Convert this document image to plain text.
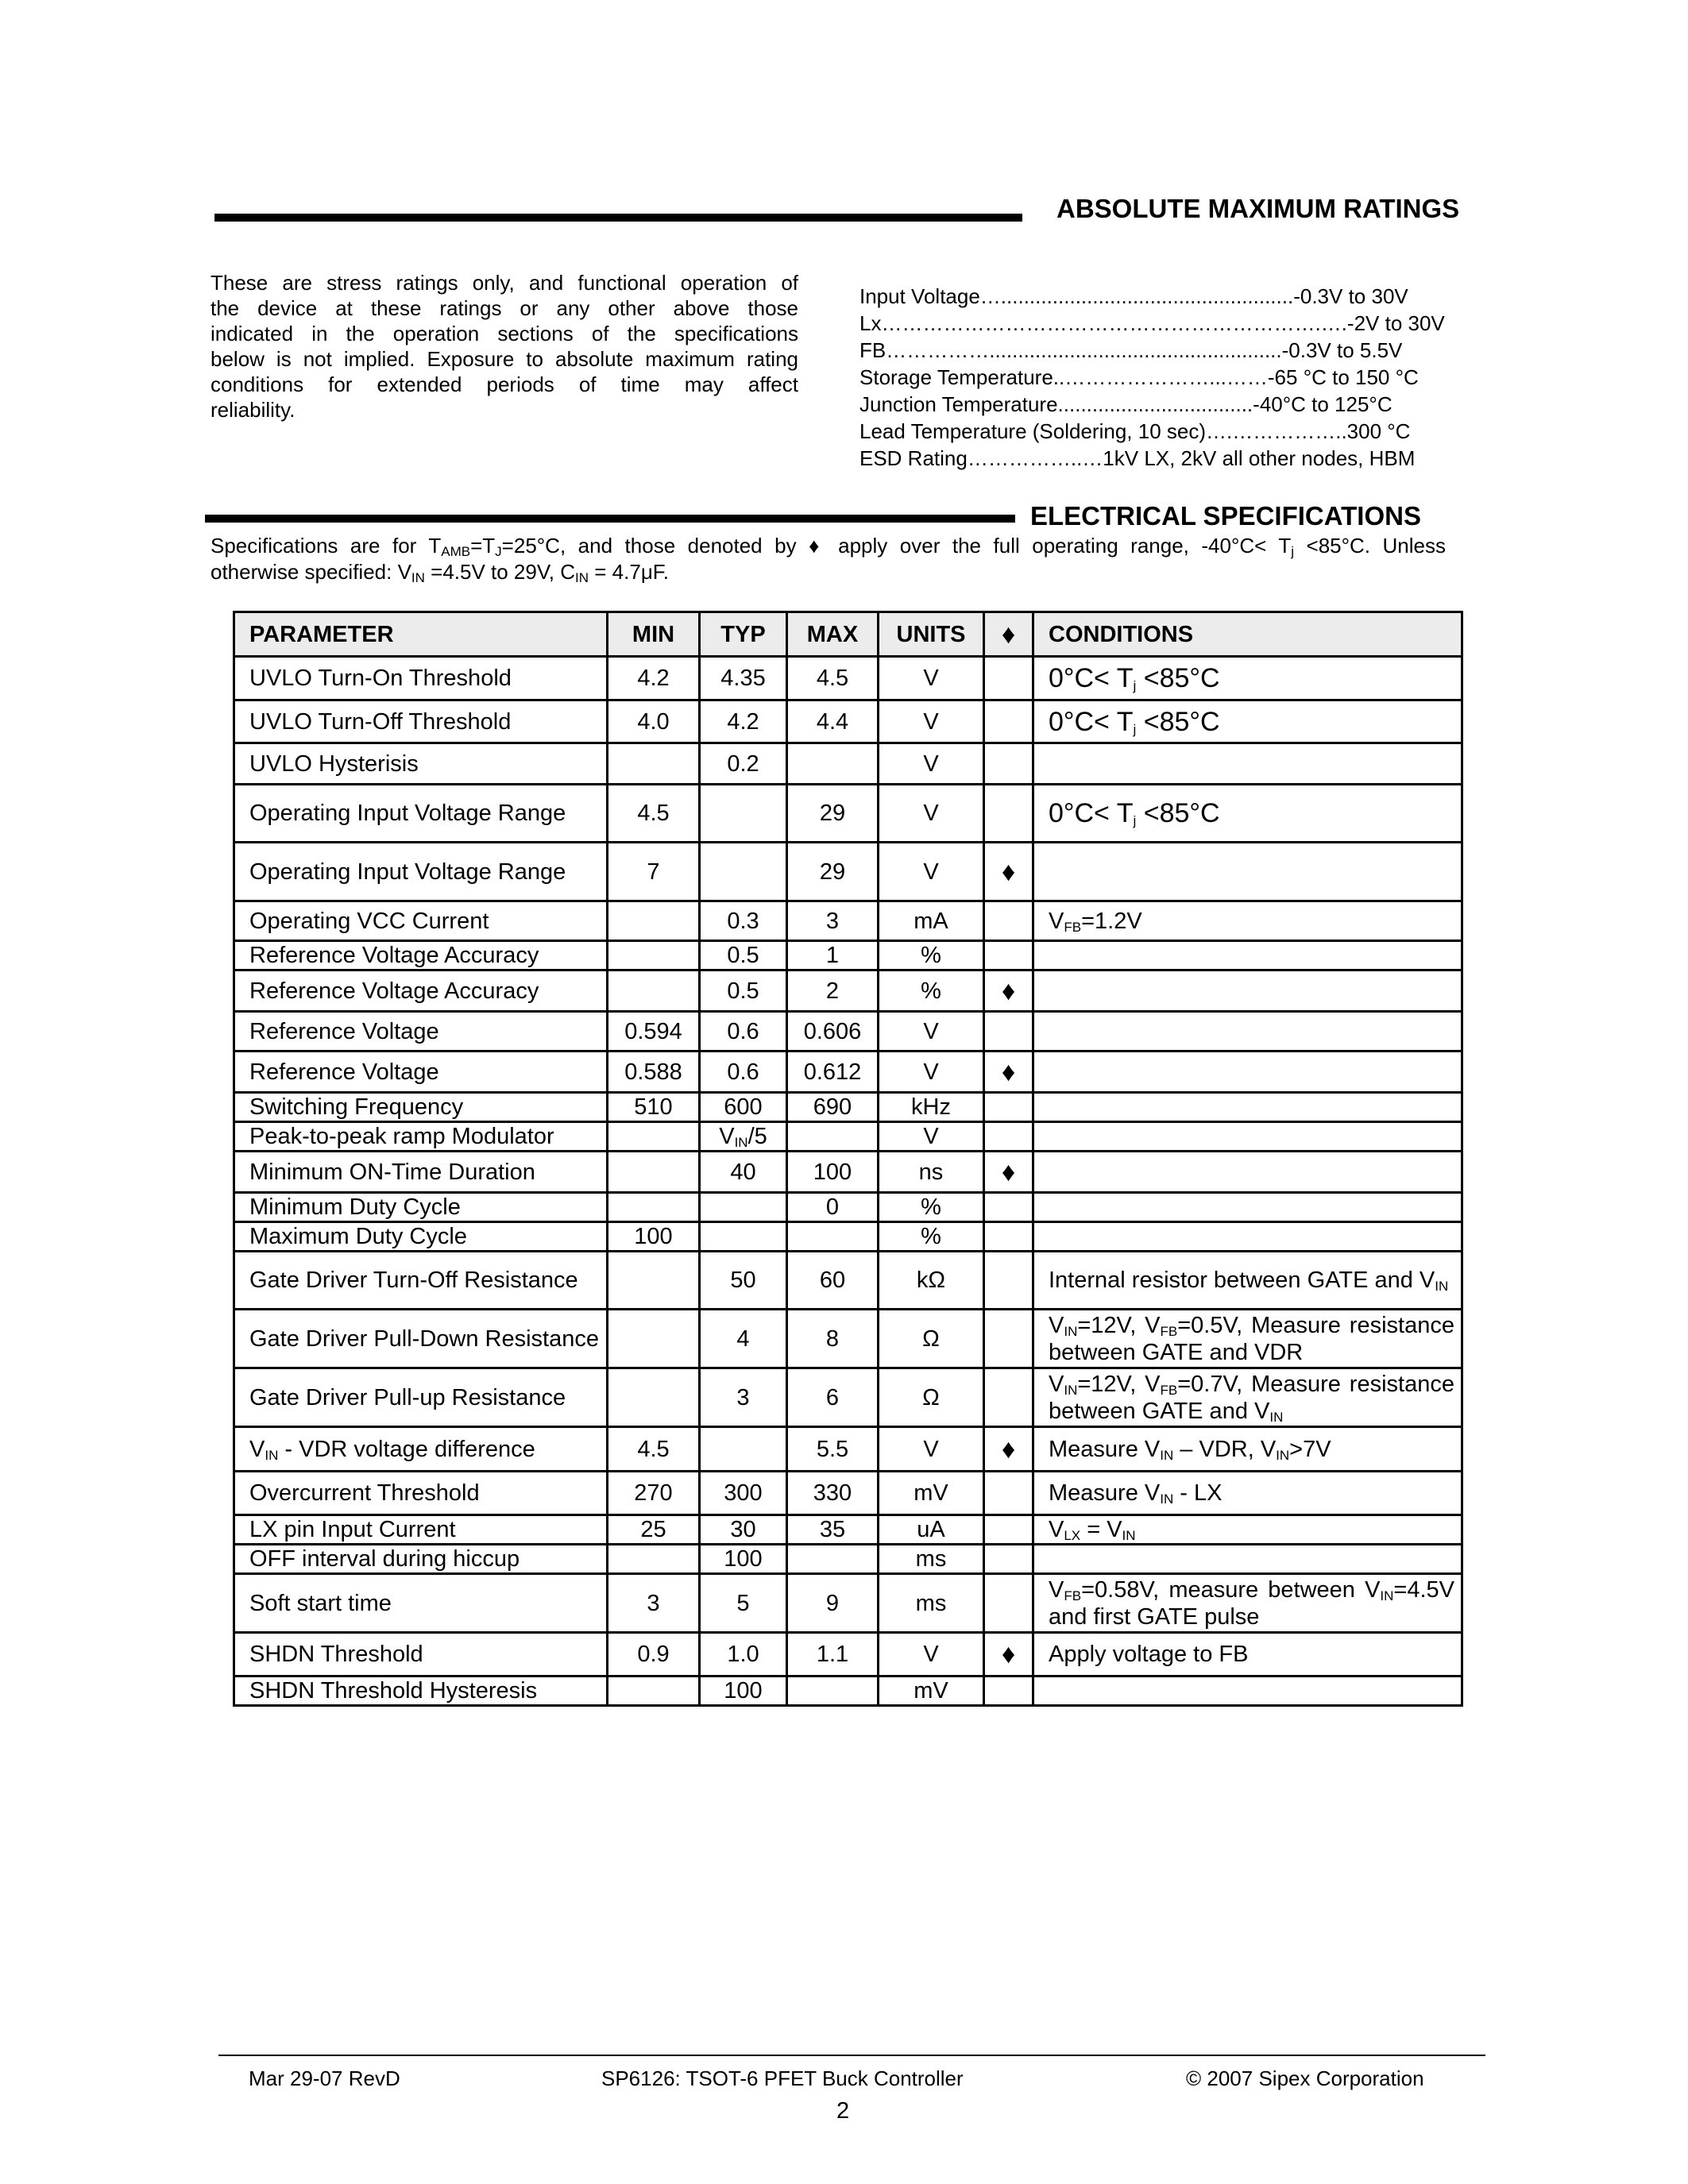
ABSOLUTE MAXIMUM RATINGS
These are stress ratings only, and functional operation of
the device at these ratings or any other above those
indicated in the operation sections of the specifications
below is not implied. Exposure to absolute maximum rating
conditions for extended periods of time may affect
reliability.
Input Voltage…...................................................-0.3V to 30V
Lx……………………………………………………….….-2V to 30V
FB……………...................................................-0.3V to 5.5V
Storage Temperature..…………………...……-65 °C to 150 °C
Junction Temperature..................................-40°C to 125°C
Lead Temperature (Soldering, 10 sec)….……………..300 °C
ESD Rating……………..…1kV LX, 2kV all other nodes, HBM
ELECTRICAL SPECIFICATIONS
Specifications are for $T_{AMB}=T_J=25^\circ C$, and those denoted by ♦ apply over the full operating range, $-40^\circ C< T_j <85^\circ C$. Unless
otherwise specified: $V_{IN} =4.5V$ to 29V, $C_{IN} = 4.7\mu F$.
PARAMETER	MIN	TYP	MAX	UNITS	♦	CONDITIONS
UVLO Turn-On Threshold	4.2	4.35	4.5	V		$0^\circ C< T_j <85^\circ C$
UVLO Turn-Off Threshold	4.0	4.2	4.4	V		$0^\circ C< T_j <85^\circ C$
UVLO Hysterisis		0.2		V		
Operating Input Voltage Range	4.5		29	V		$0^\circ C< T_j <85^\circ C$
Operating Input Voltage Range	7		29	V	♦	
Operating VCC Current		0.3	3	mA		$V_{FB}=1.2V$
Reference Voltage Accuracy		0.5	1	%		
Reference Voltage Accuracy		0.5	2	%	♦	
Reference Voltage	0.594	0.6	0.606	V		
Reference Voltage	0.588	0.6	0.612	V	♦	
Switching Frequency	510	600	690	kHz		
Peak-to-peak ramp Modulator		$V_{IN}/5$		V		
Minimum ON-Time Duration		40	100	ns	♦	
Minimum Duty Cycle			0	%		
Maximum Duty Cycle	100			%		
Gate Driver Turn-Off Resistance		50	60	kΩ		Internal resistor between GATE and $V_{IN}$
Gate Driver Pull-Down Resistance		4	8	Ω		$V_{IN}=12V$, $V_{FB}=0.5V$, Measure resistance between GATE and VDR
Gate Driver Pull-up Resistance		3	6	Ω		$V_{IN}=12V$, $V_{FB}=0.7V$, Measure resistance between GATE and $V_{IN}$
$V_{IN}$ - VDR voltage difference	4.5		5.5	V	♦	Measure $V_{IN}$ – VDR, $V_{IN}>7V$
Overcurrent Threshold	270	300	330	mV		Measure $V_{IN}$ - LX
LX pin Input Current	25	30	35	uA		$V_{LX} = V_{IN}$
OFF interval during hiccup		100		ms		
Soft start time	3	5	9	ms		$V_{FB}=0.58V$, measure between $V_{IN}=4.5V$ and first GATE pulse
SHDN Threshold	0.9	1.0	1.1	V	♦	Apply voltage to FB
SHDN Threshold Hysteresis		100		mV		
Mar 29-07 RevD	SP6126: TSOT-6 PFET Buck Controller	© 2007 Sipex Corporation
2
